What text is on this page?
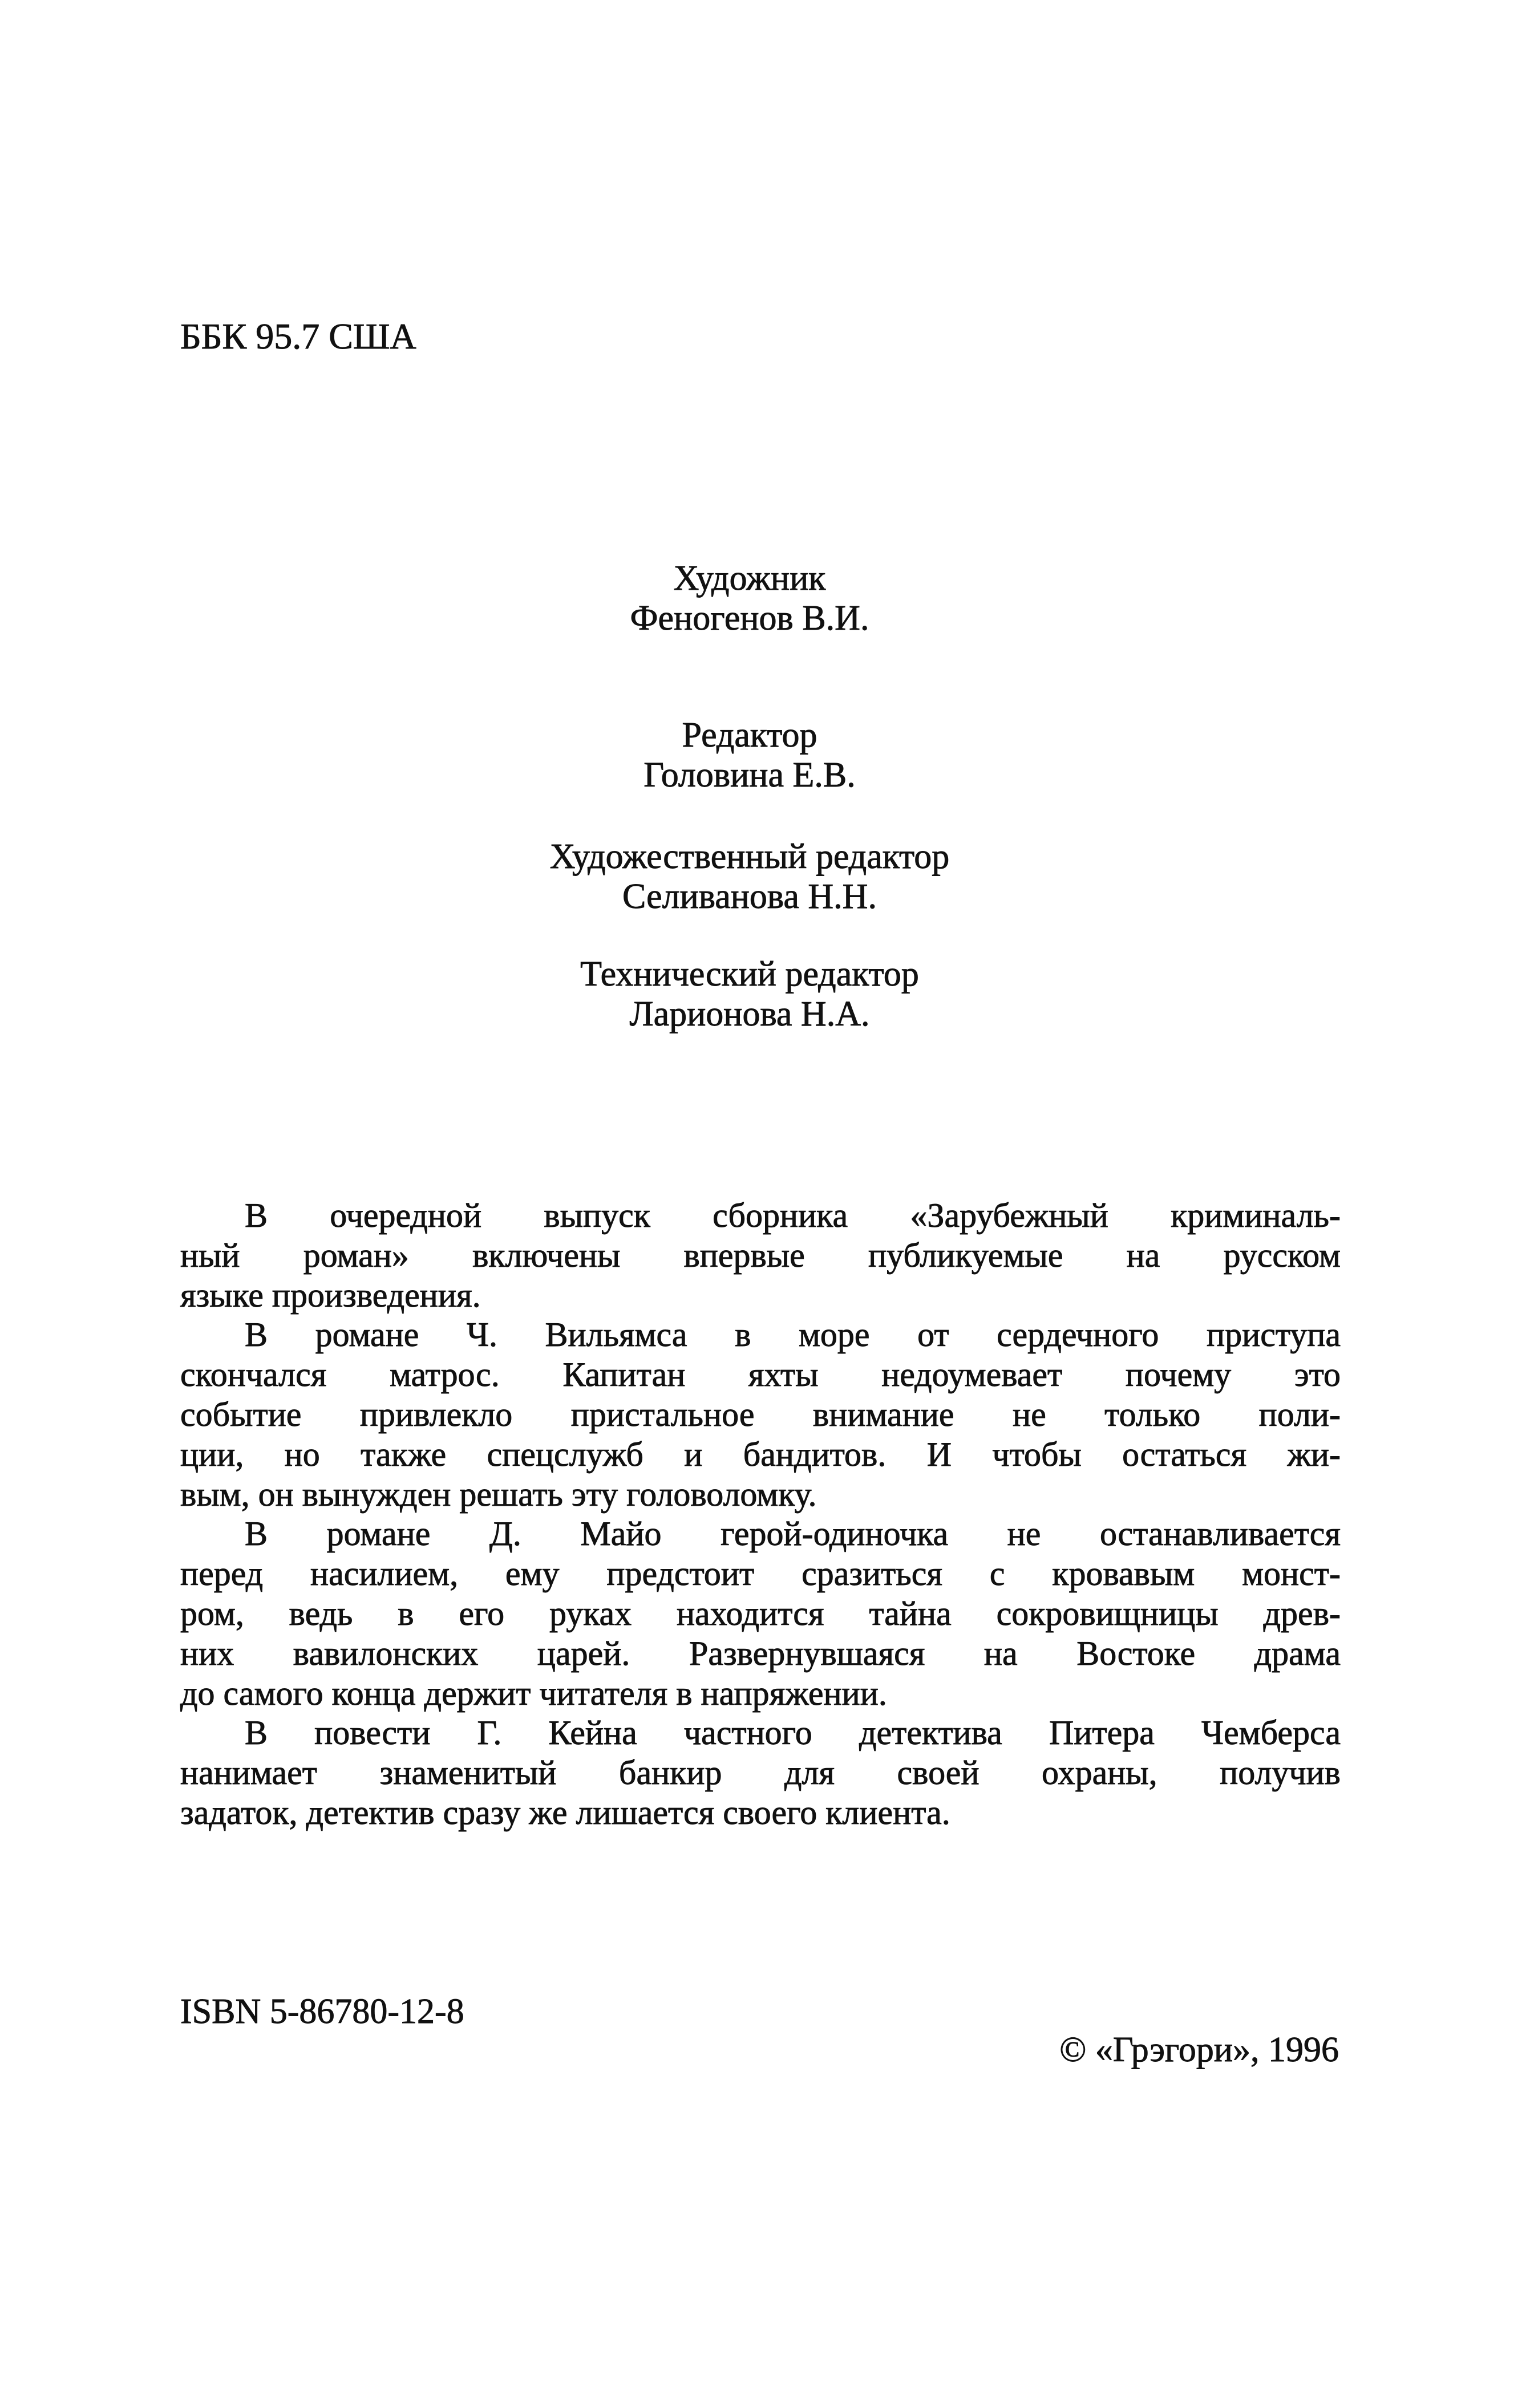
ББК 95.7 США
Художник
Феногенов В.И.
Редактор
Головина Е.В.
Художественный редактор
Селиванова Н.Н.
Технический редактор
Ларионова Н.А.
В очередной выпуск сборника «Зарубежный криминаль-
ный роман» включены впервые публикуемые на русском
языке произведения.
В романе Ч. Вильямса в море от сердечного приступа
скончался матрос. Капитан яхты недоумевает почему это
событие привлекло пристальное внимание не только поли-
ции, но также спецслужб и бандитов. И чтобы остаться жи-
вым, он вынужден решать эту головоломку.
В романе Д. Майо герой-одиночка не останавливается
перед насилием, ему предстоит сразиться с кровавым монст-
ром, ведь в его руках находится тайна сокровищницы древ-
них вавилонских царей. Развернувшаяся на Востоке драма
до самого конца держит читателя в напряжении.
В повести Г. Кейна частного детектива Питера Чемберса
нанимает знаменитый банкир для своей охраны, получив
задаток, детектив сразу же лишается своего клиента.
ISBN 5-86780-12-8
© «Грэгори», 1996
